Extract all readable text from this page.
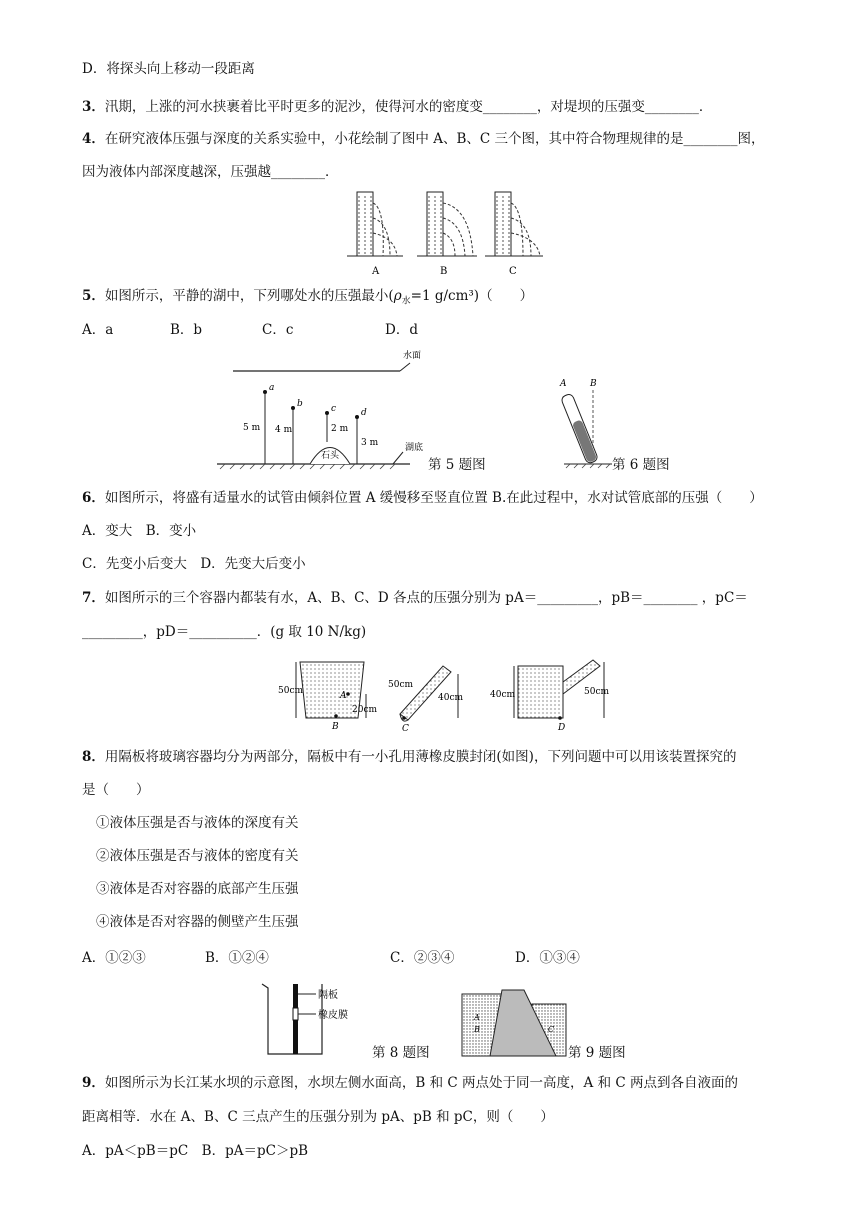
D．将探头向上移动一段距离
3．汛期，上涨的河水挟裹着比平时更多的泥沙，使得河水的密度变________，对堤坝的压强变________．
4．在研究液体压强与深度的关系实验中，小花绘制了图中 A、B、C 三个图，其中符合物理规律的是________图，
因为液体内部深度越深，压强越________．
A	B	C
5．如图所示，平静的湖中，下列哪处水的压强最小($\rho_水=1$ g/cm³)（　　）
A．a	B．b	C．c	D．d
水面
石头
湖底
a
5 m
b
4 m
c
2 m
d
3 m
第 5 题图
A	B
第 6 题图
6．如图所示，将盛有适量水的试管由倾斜位置 A 缓慢移至竖直位置 B.在此过程中，水对试管底部的压强（　　）
A．变大　 B．变小
C．先变小后变大　 D．先变大后变小
7．如图所示的三个容器内都装有水，A、B、C、D 各点的压强分别为 pA＝_________，pB＝________ ，pC＝
_________，pD＝__________．(g 取 10 N/kg)
50cm	A
B
20cm
50cm
40cm
C
40cm	50cm
D
8．用隔板将玻璃容器均分为两部分，隔板中有一小孔用薄橡皮膜封闭(如图)，下列问题中可以用该装置探究的
是（　　）
①液体压强是否与液体的深度有关
②液体压强是否与液体的密度有关
③液体是否对容器的底部产生压强
④液体是否对容器的侧壁产生压强
A．①②③	B．①②④	C．②③④	D．①③④
隔板
橡皮膜
第 8 题图
A
B	C
第 9 题图
9．如图所示为长江某水坝的示意图，水坝左侧水面高，B 和 C 两点处于同一高度，A 和 C 两点到各自液面的
距离相等．水在 A、B、C 三点产生的压强分别为 pA、pB 和 pC，则（　　）
A．pA＜pB＝pC　B．pA＝pC＞pB
